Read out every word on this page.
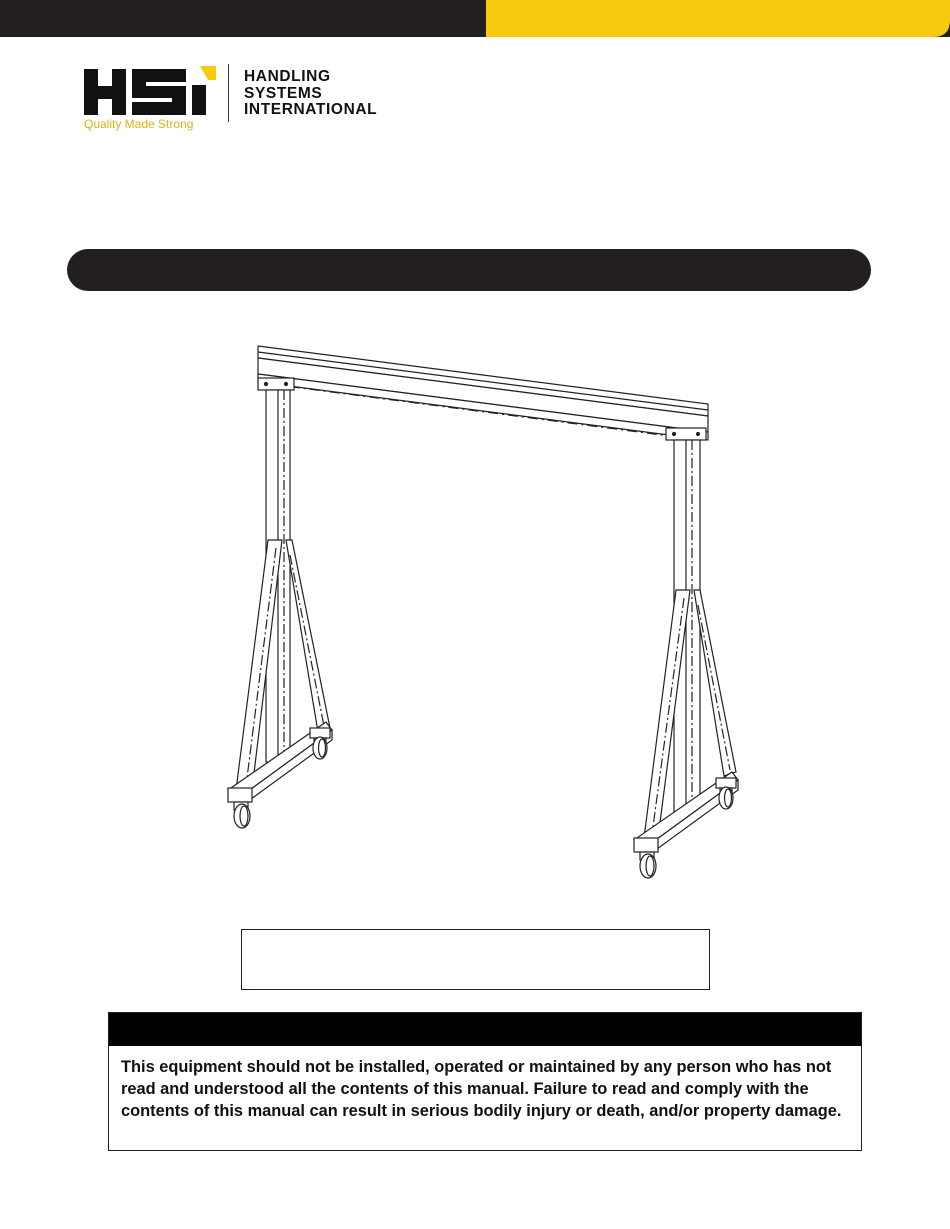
HANDLING
SYSTEMS
INTERNATIONAL
Quality Made Strong

This equipment should not be installed, operated or maintained by any person who has not read and understood all the contents of this manual. Failure to read and comply with the contents of this manual can result in serious bodily injury or death, and/or property damage.
